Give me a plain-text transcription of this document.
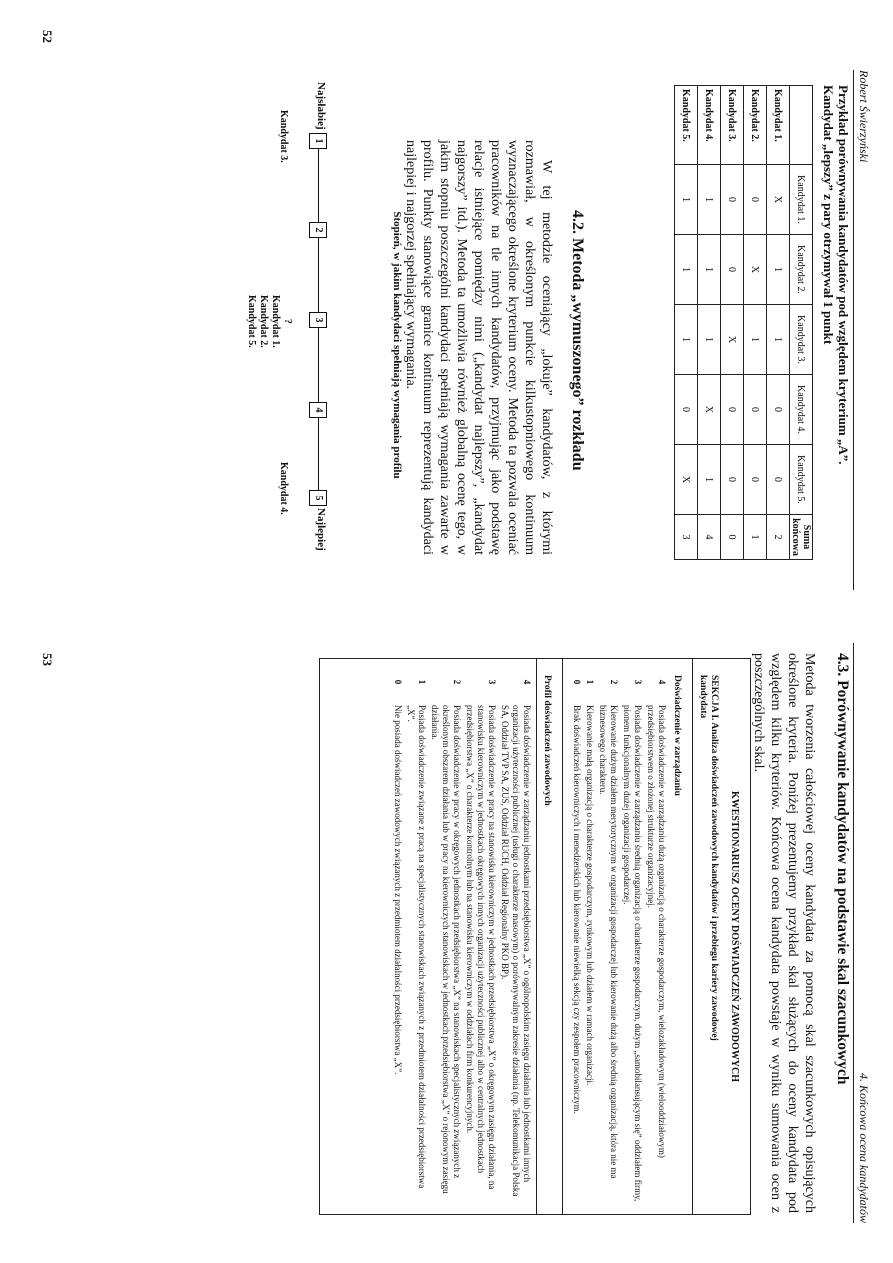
Robert Świerzyński
52
Przykład porównywania kandydatów pod względem kryterium „A”.
Kandydat „lepszy” z pary otrzymywał 1 punkt
	Kandydat 1.	Kandydat 2.	Kandydat 3.	Kandydat 4.	Kandydat 5.	Suma końcowa
Kandydat 1.	X	1	1	0	0	2
Kandydat 2.	0	X	1	0	0	1
Kandydat 3.	0	0	X	0	0	0
Kandydat 4.	1	1	1	X	1	4
Kandydat 5.	1	1	1	0	X	3
4.2. Metoda „wymuszonego” rozkładu
W tej metodzie oceniający „lokuje” kandydatów, z którymi rozmawiał, w określonym punkcie kilkustopniowego kontinuum wyznaczającego określone kryterium oceny. Metoda ta pozwala oceniać pracowników na tle innych kandydatów, przyjmując jako podstawę relacje istniejące pomiędzy nimi („kandydat najlepszy”, „kandydat najgorszy” itd.). Metoda ta umożliwia również globalną ocenę tego, w jakim stopniu poszczególni kandydaci spełniają wymagania zawarte w profilu. Punkty stanowiące granice kontinuum reprezentują kandydaci najlepiej i najgorzej spełniający wymagania.
Stopień, w jakim kandydaci spełniają wymagania profilu
Najsłabiej
Najlepiej
1
2
3
4
5
Kandydat 3.
?
Kandydat 1.
Kandydat 2.
Kandydat 5.
Kandydat 4.
4. Końcowa ocena kandydatów
53	4.3. Porównywanie kandydatów na podstawie skal szacunkowych
Metoda tworzenia całościowej oceny kandydata za pomocą skal szacunkowych opisujących określone kryteria. Poniżej prezentujemy przykład skal służących do oceny kandydata pod względem kilku kryteriów. Końcowa ocena kandydata powstaje w wyniku sumowania ocen z poszczególnych skal.
KWESTIONARIUSZ OCENY DOŚWIADCZEŃ ZAWODOWYCH
SEKCJA I. Analiza doświadczeń zawodowych kandydatów i przebiegu kariery zawodowej kandydata
Doświadczenie w zarządzaniu
4
Posiada doświadczenie w zarządzaniu dużą organizacją o charakterze gospodarczym, wielozakładowym (wielooddziałowym) przedsiębiorstwem o złożonej strukturze organizacyjnej.
3
Posiada doświadczenie w zarządzaniu średnią organizacją o charakterze gospodarczym, dużym „samobilansującym się” oddziałem firmy, pionem funkcjonalnym dużej organizacji gospodarczej.
2
Kierowanie dużym działem merytorycznym w organizacji gospodarczej lub kierowanie dużą albo średnią organizacją, która nie ma biznesowego charakteru.
1
Kierowanie małą organizacją o charakterze gospodarczym, rynkowym lub działem w ramach organizacji.
0
Brak doświadczeń kierowniczych i menedżerskich lub kierowanie niewielką sekcją czy zespołem pracowniczym.
Profil doświadczeń zawodowych
4
Posiada doświadczenie w zarządzaniu jednostkami przedsiębiorstwa „X” o ogólnopolskim zasięgu działania lub jednostkami innych organizacji użyteczności publicznej (usługi o charakterze masowym) o porównywalnym zakresie działania (np. Telekomunikacja Polska SA, Oddział TVP SA, ZUS, Oddział RUCH, Oddział Regionalny PKO BP).
3
Posiada doświadczenie w pracy na stanowisku kierowniczym w jednostkach przedsiębiorstwa „X” o okręgowym zasięgu działania, na stanowisku kierowniczym w jednostkach okręgowych innych organizacji użyteczności publicznej albo w centralnych jednostkach przedsiębiorstwa „X” o charakterze kontrolnym lub na stanowisku kierowniczym w oddziałach firm konkurencyjnych.
2
Posiada doświadczenie w pracy w okręgowych jednostkach przedsiębiorstwa „X” na stanowiskach specjalistycznych związanych z określonym obszarem działania lub w pracy na kierowniczych stanowiskach w jednostkach przedsiębiorstwa „X” o rejonowym zasięgu działania.
1
Posiada doświadczenie związane z pracą na specjalistycznych stanowiskach związanych z przedmiotem działalności przedsiębiorstwa „X”.
0
Nie posiada doświadczeń zawodowych związanych z przedmiotem działalności przedsiębiorstwa „X”.
